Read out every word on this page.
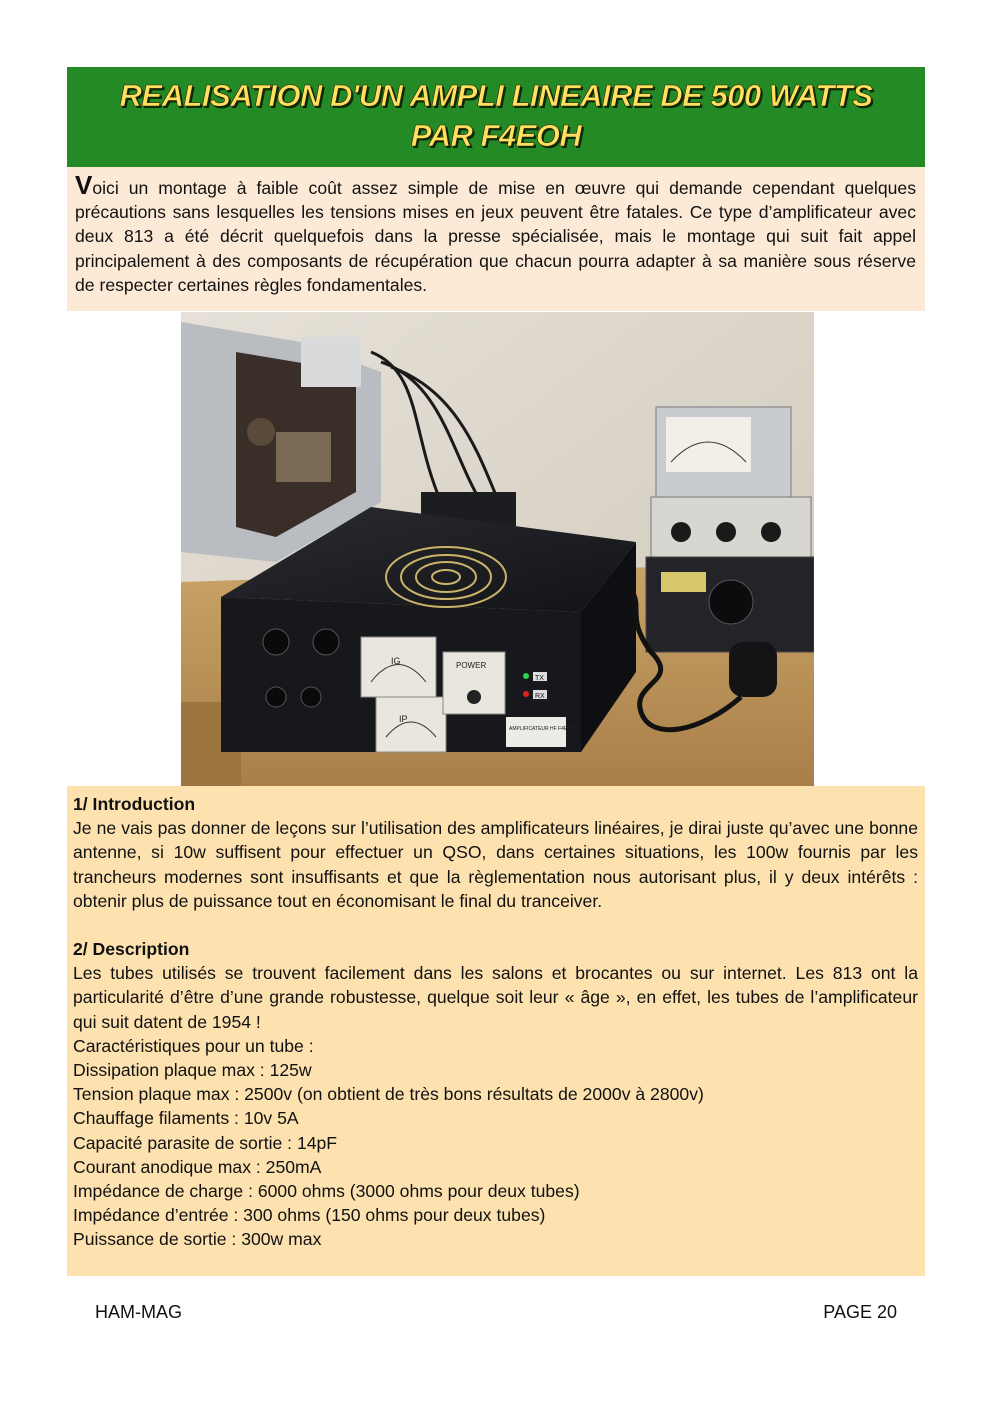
REALISATION D'UN AMPLI LINEAIRE DE 500 WATTS
PAR F4EOH

Voici un montage à faible coût assez simple de mise en œuvre qui demande cependant quelques précautions sans lesquelles les tensions mises en jeux peuvent être fatales. Ce type d’amplificateur avec deux 813 a été décrit quelquefois dans la presse spécialisée, mais le montage qui suit fait appel principalement à des composants de récupération que chacun pourra adapter à sa manière sous réserve de respecter certaines règles fondamentales.

IG
IP
POWER
TX
RX
AMPLIFICATEUR HF F4EOH

1/ Introduction

Je ne vais pas donner de leçons sur l’utilisation des amplificateurs linéaires, je dirai juste qu’avec une bonne antenne, si 10w suffisent pour effectuer un QSO, dans certaines situations, les 100w fournis par les trancheurs modernes sont insuffisants et que la règlementation nous autorisant plus, il y deux intérêts : obtenir plus de puissance tout en économisant le final du tranceiver.

2/ Description

Les tubes utilisés se trouvent facilement dans les salons et brocantes ou sur internet. Les 813 ont la particularité d’être d’une grande robustesse, quelque soit leur « âge », en effet, les tubes de l’amplificateur qui suit datent de 1954 !

Caractéristiques pour un tube :

Dissipation plaque max : 125w

Tension plaque max : 2500v (on obtient de très bons résultats de 2000v à 2800v)

Chauffage filaments : 10v 5A

Capacité parasite de sortie : 14pF

Courant anodique max : 250mA

Impédance de charge : 6000 ohms (3000 ohms pour deux tubes)

Impédance d’entrée : 300 ohms (150 ohms pour deux tubes)

Puissance de sortie : 300w max

HAM-MAG	PAGE 20
